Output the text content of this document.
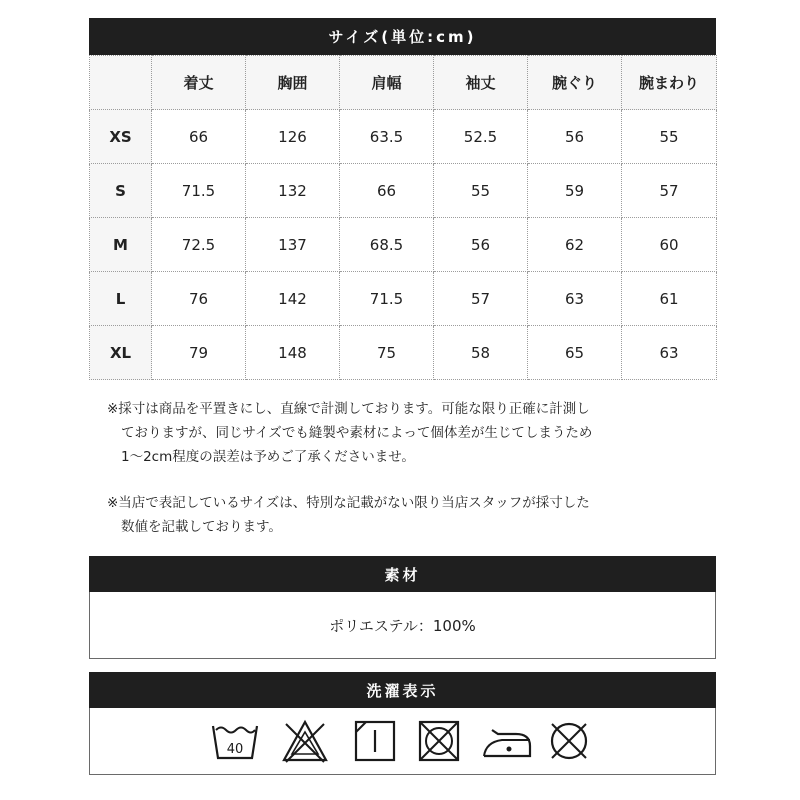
サイズ(単位:cm)
	着丈	胸囲	肩幅	袖丈	腕ぐり	腕まわり
XS	66	126	63.5	52.5	56	55
S	71.5	132	66	55	59	57
M	72.5	137	68.5	56	62	60
L	76	142	71.5	57	63	61
XL	79	148	75	58	65	63
※採寸は商品を平置きにし、直線で計測しております。可能な限り正確に計測し
ておりますが、同じサイズでも縫製や素材によって個体差が生じてしまうため
1～2cm程度の誤差は予めご了承くださいませ。
※当店で表記しているサイズは、特別な記載がない限り当店スタッフが採寸した
数値を記載しております。
素材
ポリエステル：100%
洗濯表示
40
